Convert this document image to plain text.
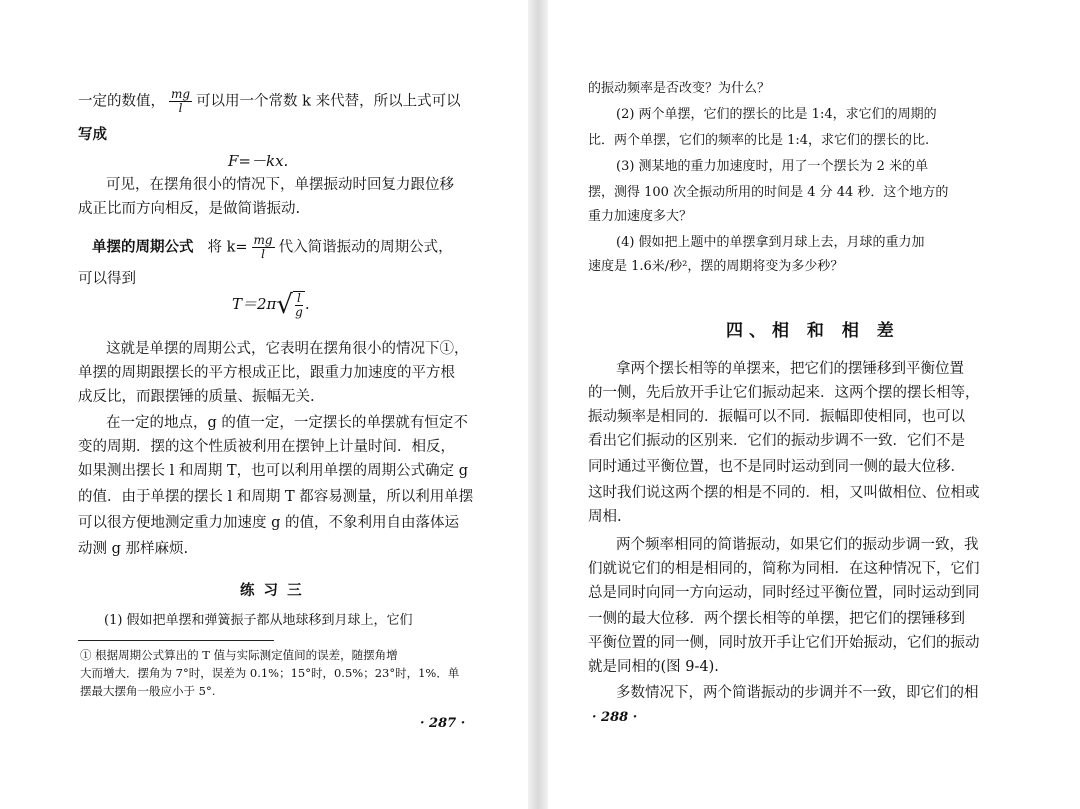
一定的数值， $\frac{mg}{l}$ 可以用一个常数 k 来代替，所以上式可以
写成
F=－kx.
可见，在摆角很小的情况下，单摆振动时回复力跟位移
成正比而方向相反，是做简谐振动.
单摆的周期公式 将 $k= \frac{mg}{l}$ 代入简谐振动的周期公式，
可以得到
$T=2\pi√ \frac{l}{g}$ .
这就是单摆的周期公式，它表明在摆角很小的情况下①，
单摆的周期跟摆长的平方根成正比，跟重力加速度的平方根
成反比，而跟摆锤的质量、振幅无关.
在一定的地点，g 的值一定，一定摆长的单摆就有恒定不
变的周期．摆的这个性质被利用在摆钟上计量时间．相反，
如果测出摆长 l 和周期 T，也可以利用单摆的周期公式确定 g
的值．由于单摆的摆长 l 和周期 T 都容易测量，所以利用单摆
可以很方便地测定重力加速度 g 的值，不象利用自由落体运
动测 g 那样麻烦.
练 习 三
(1) 假如把单摆和弹簧振子都从地球移到月球上，它们
① 根据周期公式算出的 T 值与实际测定值间的误差，随摆角增
大而增大．摆角为 7°时，误差为 0.1%；15°时，0.5%；23°时，1%．单
摆最大摆角一般应小于 5°.
· 287 ·
的振动频率是否改变？为什么？
(2) 两个单摆，它们的摆长的比是 1:4，求它们的周期的
比．两个单摆，它们的频率的比是 1:4，求它们的摆长的比.
(3) 测某地的重力加速度时，用了一个摆长为 2 米的单
摆，测得 100 次全振动所用的时间是 4 分 44 秒．这个地方的
重力加速度多大？
(4) 假如把上题中的单摆拿到月球上去，月球的重力加
速度是 1.6米/秒²，摆的周期将变为多少秒？
四、相 和 相 差
拿两个摆长相等的单摆来，把它们的摆锤移到平衡位置
的一侧，先后放开手让它们振动起来．这两个摆的摆长相等，
振动频率是相同的．振幅可以不同．振幅即使相同，也可以
看出它们振动的区别来．它们的振动步调不一致．它们不是
同时通过平衡位置，也不是同时运动到同一侧的最大位移．
这时我们说这两个摆的相是不同的．相，又叫做相位、位相或
周相.
两个频率相同的简谐振动，如果它们的振动步调一致，我
们就说它们的相是相同的，简称为同相．在这种情况下，它们
总是同时向同一方向运动，同时经过平衡位置，同时运动到同
一侧的最大位移．两个摆长相等的单摆，把它们的摆锤移到
平衡位置的同一侧，同时放开手让它们开始振动，它们的振动
就是同相的(图 9-4).
多数情况下，两个简谐振动的步调并不一致，即它们的相
· 288 ·
